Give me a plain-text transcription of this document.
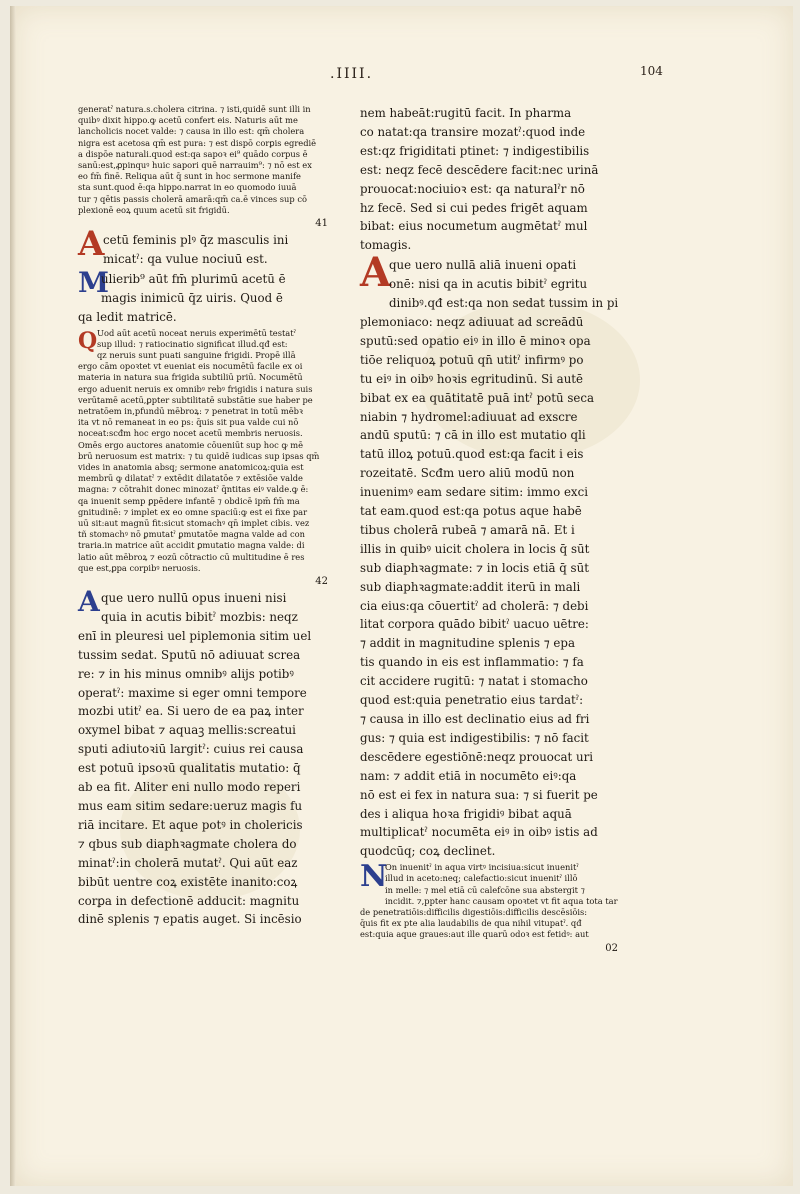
.IIII.	104
generatˀ natura.s.cholera citrina. ⁊ isti,quidē sunt illi in
quibꝰ dixit hippo.ꝙ acetū confert eis. Naturis aūt me
lancholicis nocet valde: ⁊ causa in illo est: qm̄ cholera
nigra est acetosa qm̄ est pura: ⁊ est dispō corꝑis egrediē
a dispōe naturali.quod est:qa sapoꝛ ei⁹ quādo corpus ē
sanū:est,ꝓpinquꝰ huic sapori quē narrauim⁹: ⁊ nō est ex
eo fm̄ finē. Reliqua aūt q̄ sunt in hoc sermone manife
sta sunt.quod ē:qa hippo.narrat in eo quomodo iuuā
tur ⁊ qētis passis cholerā amarā:qm̄ ca.ē vinces sup cō
plexionē eoꝝ quum acetū sit frigidū.
41
A
cetū feminis plꝰ q̄z masculis ini
micatˀ: qa vulue nociuū est.
M
ulierib⁹ aūt fm̄ plurimū acetū ē
magis inimicū q̄z uiris. Quod ē
qa ledit matricē.
Q Uod aūt acetū noceat neruis experimētū testatˀ
sup illud: ⁊ ratiocinatio significat illud.qđ est:
qz neruis sunt puati sanguine frigidi. Propē illā
ergo cām opoꝛtet vt eueniat eis nocumētū facile ex oi
materia in natura sua frigida subtiliū priū. Nocumētū
ergo aduenit neruis ex omnibꝰ rebꝰ frigidis i natura suis
verūtamē acetū,ꝑpter subtilitatē substātie sue haber pe
netratōem in,pfundū mēbroꝝ: ⁊ penetrat in totū mēbꝛ
ita vt nō remaneat in eo ps: q̄uis sit pua valde cui nō
noceat:scđm hoc ergo nocet acetū membris neruosis.
Omēs ergo auctores anatomie cōueniūt sup hoc ꝙ mē
brū neruosum est matrix: ⁊ tu quidē iudicas sup ipsas qm̄
vides in anatomia absq; sermone anatomicoꝝ:quia est
membrū ꝙ dilatatˀ ⁊ extēdit dilatatōe ⁊ extēsiōe valde
magna: ⁊ cōtrahit donec minozatˀ q̄ntitas eiꝰ valde.ꝙ ē:
qa inuenit semp ꝑpēdere infantē ⁊ obdicē ipm̄ fm̄ ma
gnitudinē: ⁊ implet ex eo omne spaciū:ꝙ est ei fixe par
uū sit:aut magnū fit:sicut stomachꝰ qn̄ implet cibis. vez
tñ stomachꝰ nō ꝑmutatˀ ꝑmutatōe magna valde ad con
traria.in matrice aūt accidit ꝑmutatio magna valde: di
latio aūt mēbroꝝ ⁊ eozū cōtractio cū multitudine ē res
que est,ꝑpa corpibꝰ neruosis.
42
A que uero nullū opus inueni nisi
quia in acutis bibitˀ mozbis: neqz
enī in pleuresi uel piplemonia sitim uel
tussim sedat. Sputū nō adiuuat screa
re: ⁊ in his minus omnibꝰ alijs potibꝰ
operatˀ: maxime si eger omni tempore
mozbi utitˀ ea. Si uero de ea paꝝ inter
oxymel bibat ⁊ aquaꝫ mellis:screatui
sputi adiutoꝛiū largitˀ: cuius rei causa
est potuū ipsoꝛū qualitatis mutatio: q̄
ab ea fit. Aliter eni nullo modo reperi
mus eam sitim sedare:ueruz magis fu
riā incitare. Et aque potꝰ in cholericis
⁊ qbus sub diaphꝛagmate cholera do
minatˀ:in cholerā mutatˀ. Qui aūt eaz
bibūt uentre coꝝ existēte inanito:coꝝ
corꝑa in defectionē adducit: magnitu
dinē splenis ⁊ epatis auget. Si incēsio
nem habeāt:rugitū facit. In pharma
co natat:qa transire mozatˀ:quod inde
est:qz frigiditati ptinet: ⁊ indigestibilis
est: neqz fecē descēdere facit:nec urinā
prouocat:nociuioꝛ est: qa naturalˀr nō
hz fecē. Sed si cui pedes frigēt aquam
bibat: eius nocumetum augmētatˀ mul
tomagis.
A
que uero nullā aliā inueni opati
onē: nisi qa in acutis bibitˀ egritu
dinibꝰ.qđ est:qa non sedat tussim in pi
plemoniaco: neqz adiuuat ad screādū
sputū:sed opatio eiꝰ in illo ē minoꝛ opa
tiōe reliquoꝝ potuū qn̄ utitˀ infirmꝰ po
tu eiꝰ in oibꝰ hoꝛis egritudinū. Si autē
bibat ex ea quātitatē puā intˀ potū seca
niabin ⁊ hydromel:adiuuat ad exscre
andū sputū: ⁊ cā in illo est mutatio qli
tatū illoꝝ potuū.quod est:qa facit i eis
rozeitatē. Scđm uero aliū modū non
inuenimꝰ eam sedare sitim: immo exci
tat eam.quod est:qa potus aque habē
tibus cholerā rubeā ⁊ amarā nā. Et i
illis in quibꝰ uicit cholera in locis q̄ sūt
sub diaphꝛagmate: ⁊ in locis etiā q̄ sūt
sub diaphꝛagmate:addit iterū in mali
cia eius:qa cōuertitˀ ad cholerā: ⁊ debi
litat corpora quādo bibitˀ uacuo uētre:
⁊ addit in magnitudine splenis ⁊ epa
tis quando in eis est inflammatio: ⁊ fa
cit accidere rugitū: ⁊ natat i stomacho
quod est:quia penetratio eius tardatˀ:
⁊ causa in illo est declinatio eius ad fri
gus: ⁊ quia est indigestibilis: ⁊ nō facit
descēdere egestiōnē:neqz prouocat uri
nam: ⁊ addit etiā in nocumēto eiꝰ:qa
nō est ei fex in natura sua: ⁊ si fuerit pe
des i aliqua hoꝛa frigidiꝰ bibat aquā
multiplicatˀ nocumēta eiꝰ in oibꝰ istis ad
quodcūq; coꝝ declinet.
N
On inuenitˀ in aqua virtꝰ incisiua:sicut inuenitˀ
illud in aceto:neq; calefactio:sicut inuenitˀ illō
in melle: ⁊ mel etiā cū calefcōne sua abstergit ⁊
incidit. ⁊,ppter hanc causam opoꝛtet vt fit aqua tota tar
de penetratiōis:difficilis digestiōis:difficilis descēsiōis:
q̄uis fit ex pte alia laudabilis de qua nihil vitupatˀ. qđ
est:quia aque graues:aut ille quarū odoꝛ est fetidꝰ: aut
02
